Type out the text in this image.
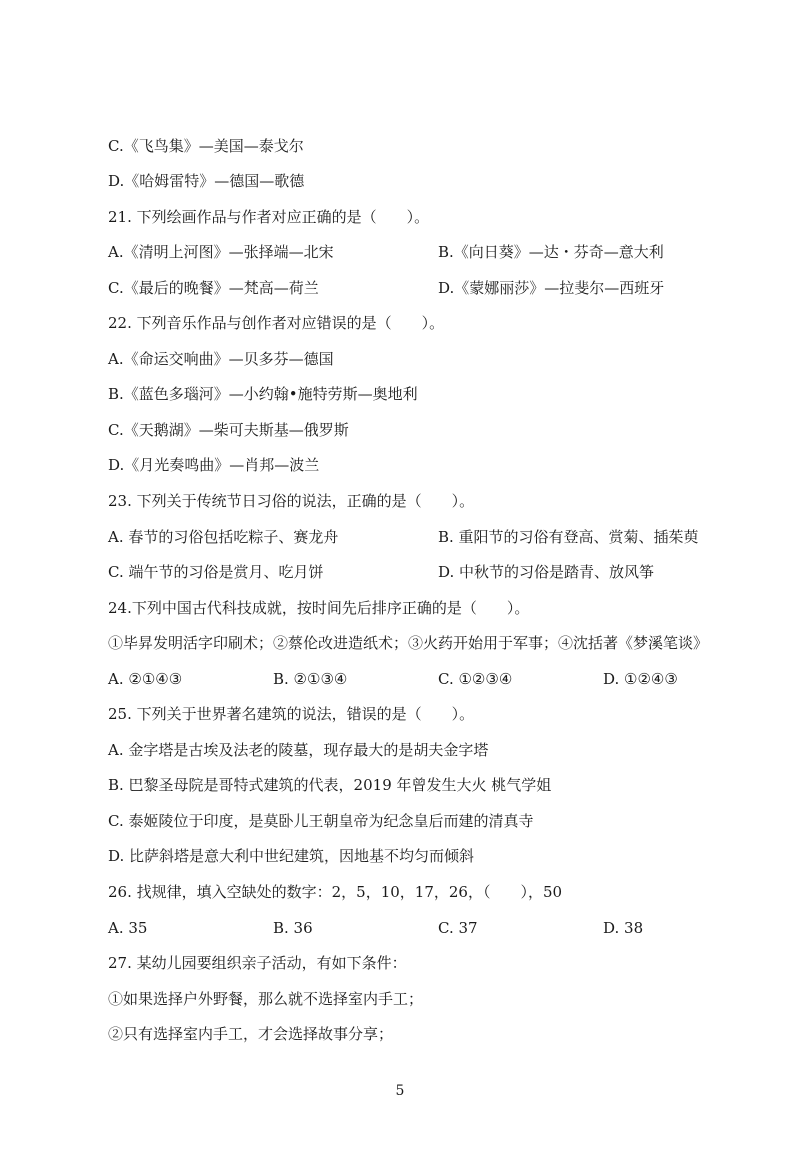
C.《飞鸟集》—美国—泰戈尔
D.《哈姆雷特》—德国—歌德
21. 下列绘画作品与作者对应正确的是（　　）。
A.《清明上河图》—张择端—北宋	B.《向日葵》—达・芬奇—意大利
C.《最后的晚餐》—梵高—荷兰	D.《蒙娜丽莎》—拉斐尔—西班牙
22. 下列音乐作品与创作者对应错误的是（　　）。
A.《命运交响曲》—贝多芬—德国
B.《蓝色多瑙河》—小约翰•施特劳斯—奥地利
C.《天鹅湖》—柴可夫斯基—俄罗斯
D.《月光奏鸣曲》—肖邦—波兰
23. 下列关于传统节日习俗的说法，正确的是（　　）。
A. 春节的习俗包括吃粽子、赛龙舟	B. 重阳节的习俗有登高、赏菊、插茱萸
C. 端午节的习俗是赏月、吃月饼	D. 中秋节的习俗是踏青、放风筝
24.下列中国古代科技成就，按时间先后排序正确的是（　　）。
①毕昇发明活字印刷术；②蔡伦改进造纸术；③火药开始用于军事；④沈括著《梦溪笔谈》
A. ②①④③	B. ②①③④	C. ①②③④	D. ①②④③
25. 下列关于世界著名建筑的说法，错误的是（　　）。
A. 金字塔是古埃及法老的陵墓，现存最大的是胡夫金字塔
B. 巴黎圣母院是哥特式建筑的代表，2019 年曾发生大火 桃气学姐
C. 泰姬陵位于印度，是莫卧儿王朝皇帝为纪念皇后而建的清真寺
D. 比萨斜塔是意大利中世纪建筑，因地基不均匀而倾斜
26. 找规律，填入空缺处的数字：2，5，10，17，26，（　　），50
A. 35	B. 36	C. 37	D. 38
27. 某幼儿园要组织亲子活动，有如下条件：
①如果选择户外野餐，那么就不选择室内手工；
②只有选择室内手工，才会选择故事分享；
5
